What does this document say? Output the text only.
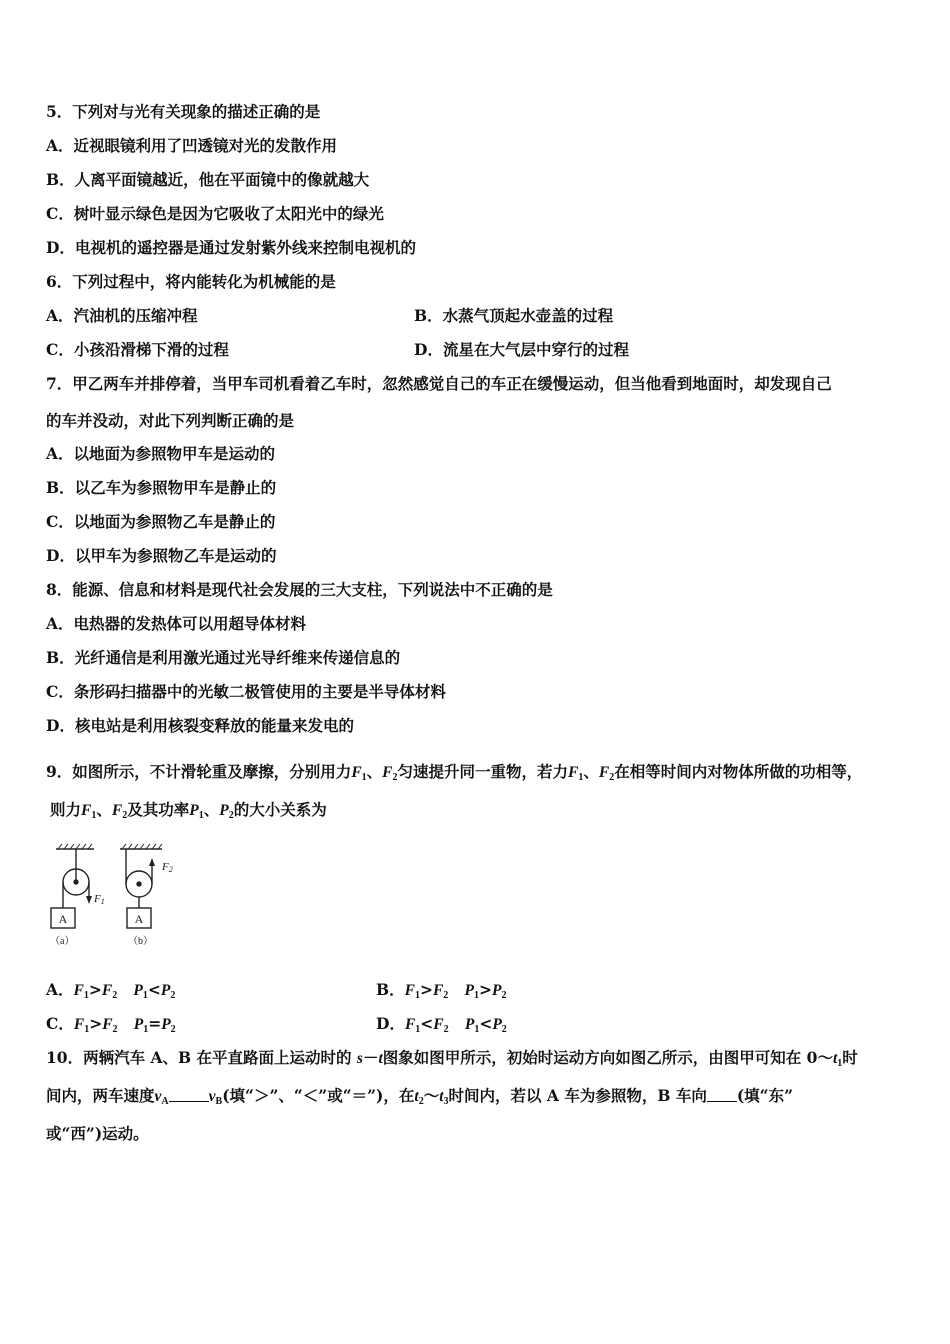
5．下列对与光有关现象的描述正确的是
A．近视眼镜利用了凹透镜对光的发散作用
B．人离平面镜越近，他在平面镜中的像就越大
C．树叶显示绿色是因为它吸收了太阳光中的绿光
D．电视机的遥控器是通过发射紫外线来控制电视机的
6．下列过程中，将内能转化为机械能的是
A．汽油机的压缩冲程	B．水蒸气顶起水壶盖的过程
C．小孩沿滑梯下滑的过程	D．流星在大气层中穿行的过程
7．甲乙两车并排停着，当甲车司机看着乙车时，忽然感觉自己的车正在缓慢运动，但当他看到地面时，却发现自己
的车并没动，对此下列判断正确的是
A．以地面为参照物甲车是运动的
B．以乙车为参照物甲车是静止的
C．以地面为参照物乙车是静止的
D．以甲车为参照物乙车是运动的
8．能源、信息和材料是现代社会发展的三大支柱，下列说法中不正确的是
A．电热器的发热体可以用超导体材料
B．光纤通信是利用激光通过光导纤维来传递信息的
C．条形码扫描器中的光敏二极管使用的主要是半导体材料
D．核电站是利用核裂变释放的能量来发电的
9．如图所示，不计滑轮重及摩擦，分别用力$F_1$、$F_2$匀速提升同一重物，若力$F_1$、$F_2$在相等时间内对物体所做的功相等，
则力$F_1$、$F_2$及其功率$P_1$、$P_2$的大小关系为
A
F1
（a）
A
F2
（b）
A．$F_1>F_2$ $P_1<P_2$	B．$F_1>F_2$ $P_1>P_2$
C．$F_1>F_2$ $P_1=P_2$	D．$F_1<F_2$ $P_1<P_2$
10．两辆汽车 A、B 在平直路面上运动时的 s－t图象如图甲所示，初始时运动方向如图乙所示，由图甲可知在 $0\sim t_1$时
间内，两车速度$v_A$	$v_B$(填“＞”、“＜”或“＝”)，在$t_2\sim t_3$时间内，若以 A 车为参照物，B 车向 (填“东”
或“西”)运动。
